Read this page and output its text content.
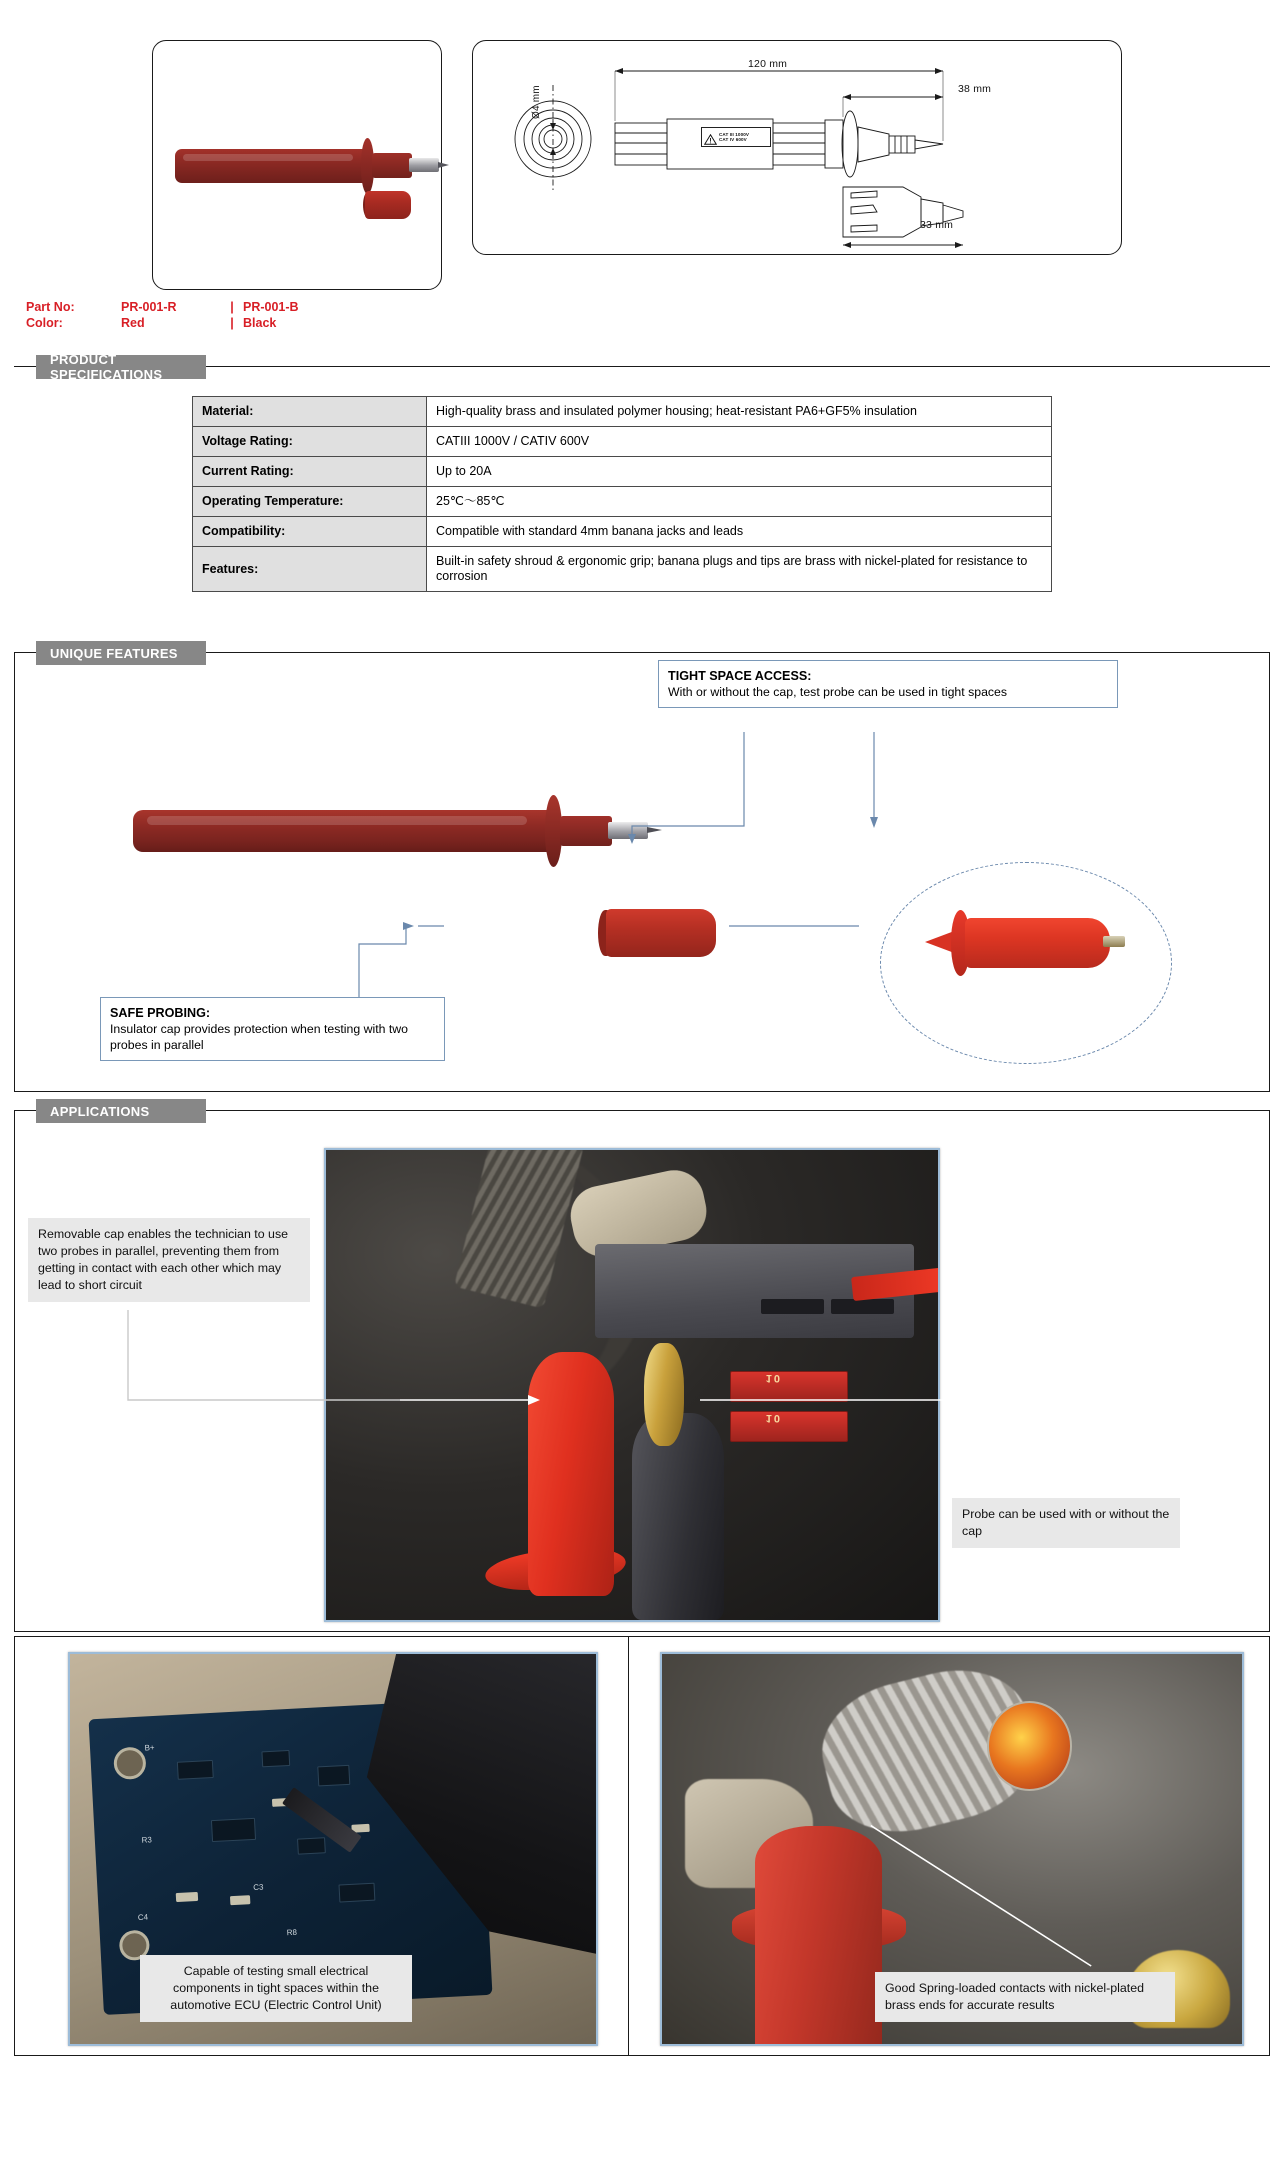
Ø4 mm
120 mm
38 mm
33 mm
CAT III 1000V
CAT IV 600V
Part No:	PR-001-R	|	PR-001-B
Color:	Red	|	Black
PRODUCT SPECIFICATIONS
Material:	High-quality brass and insulated polymer housing; heat-resistant PA6+GF5% insulation
Voltage Rating:	CATIII 1000V / CATIV 600V
Current Rating:	Up to 20A
Operating Temperature:	25℃～85℃
Compatibility:	Compatible with standard 4mm banana jacks and leads
Features:	Built-in safety shroud & ergonomic grip; banana plugs and tips are brass with nickel-plated for resistance to corrosion
UNIQUE FEATURES
TIGHT SPACE ACCESS:
With or without the cap, test probe can be used in tight spaces
SAFE PROBING:
Insulator cap provides protection when testing with two probes in parallel
APPLICATIONS
10
10
Removable cap enables the technician to use two probes in parallel, preventing them from getting in contact with each other which may lead to short circuit
Probe can be used with or without the cap
B+
R3
C3
C4
R8
Capable of testing small electrical components in tight spaces within the automotive ECU (Electric Control Unit)
Good Spring-loaded contacts with nickel-plated brass ends for accurate results
